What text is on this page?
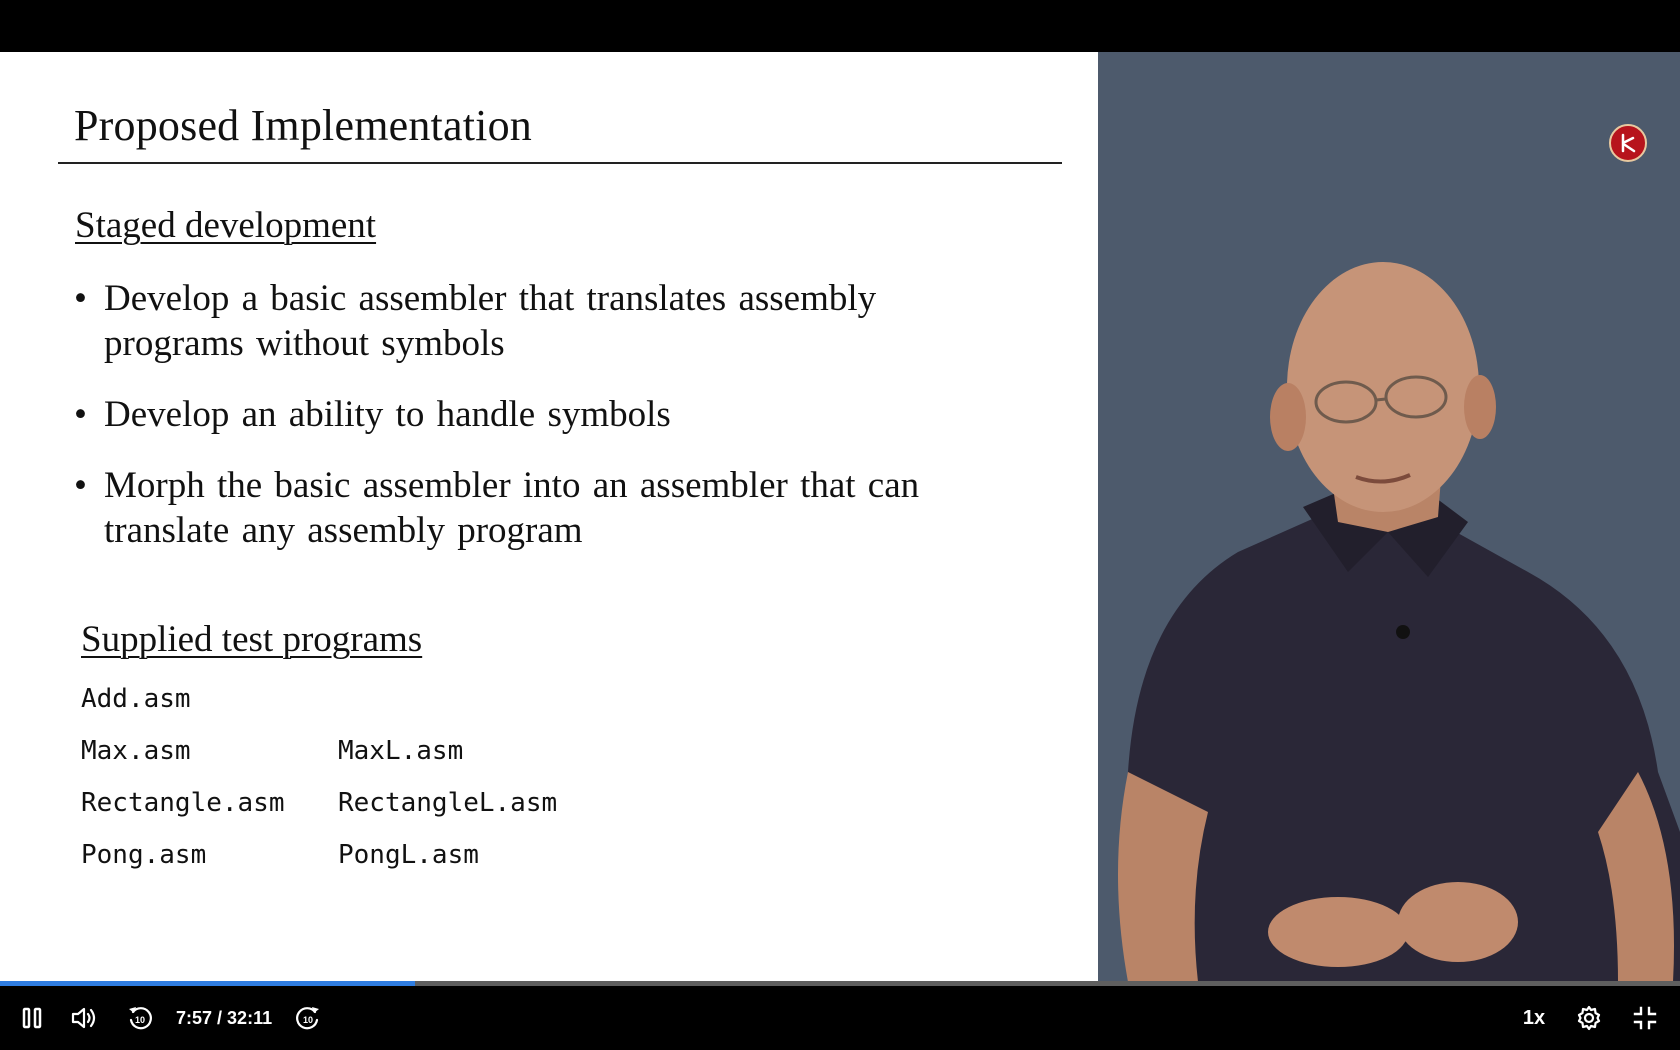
Proposed Implementation
Staged development
• Develop a basic assembler that translates assembly
programs without symbols
• Develop an ability to handle symbols
• Morph the basic assembler into an assembler that can
translate any assembly program
Supplied test programs
Add.asm
Max.asm	MaxL.asm
Rectangle.asm	RectangleL.asm
Pong.asm	PongL.asm
10 7:57 / 32:11	10	1x
